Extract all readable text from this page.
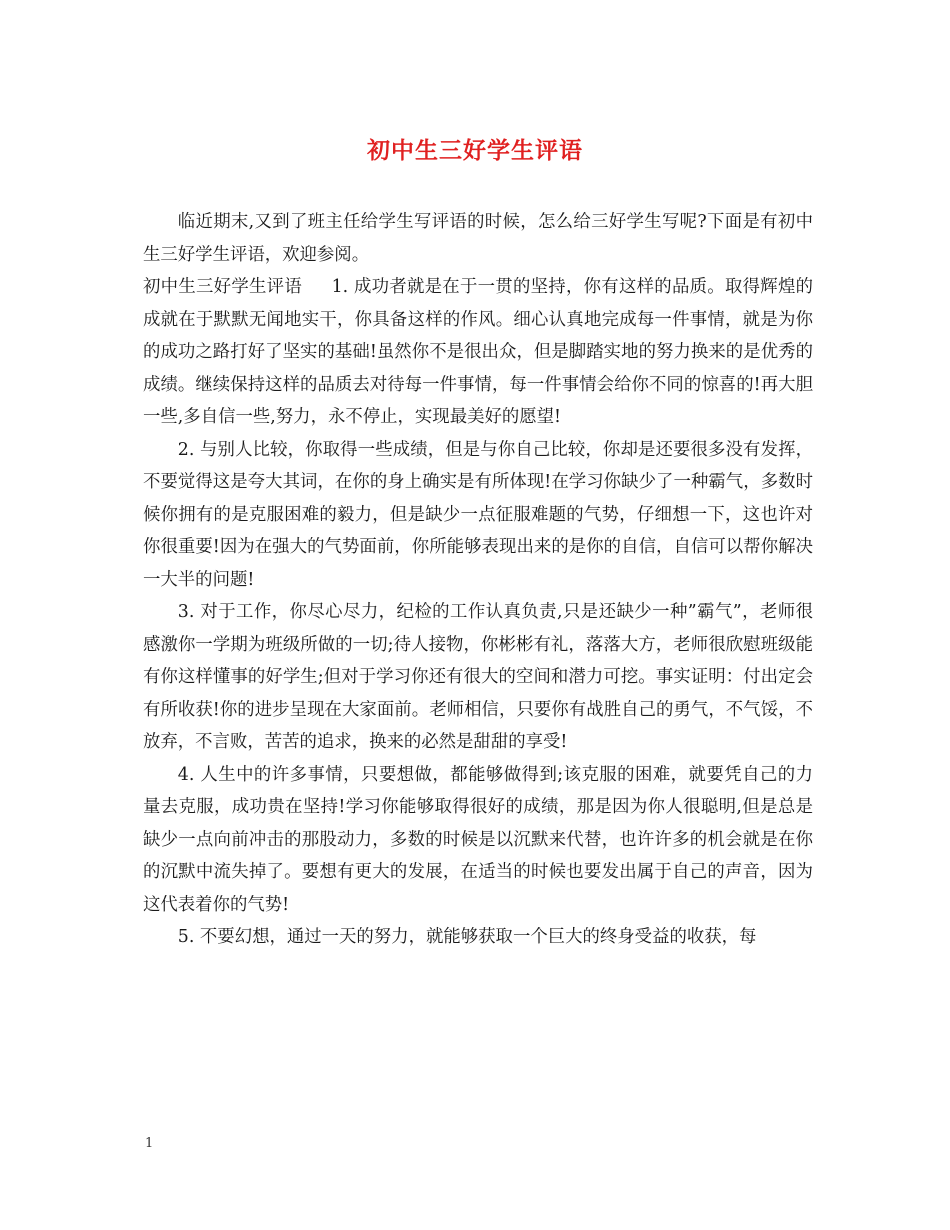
初中生三好学生评语

临近期末,又到了班主任给学生写评语的时候，怎么给三好学生写呢?下面是有初中生三好学生评语，欢迎参阅。

初中生三好学生评语 1. 成功者就是在于一贯的坚持，你有这样的品质。取得辉煌的成就在于默默无闻地实干，你具备这样的作风。细心认真地完成每一件事情，就是为你的成功之路打好了坚实的基础!虽然你不是很出众，但是脚踏实地的努力换来的是优秀的成绩。继续保持这样的品质去对待每一件事情，每一件事情会给你不同的惊喜的!再大胆一些,多自信一些,努力，永不停止，实现最美好的愿望!

2. 与别人比较，你取得一些成绩，但是与你自己比较，你却是还要很多没有发挥，不要觉得这是夸大其词，在你的身上确实是有所体现!在学习你缺少了一种霸气，多数时候你拥有的是克服困难的毅力，但是缺少一点征服难题的气势，仔细想一下，这也许对你很重要!因为在强大的气势面前，你所能够表现出来的是你的自信，自信可以帮你解决一大半的问题!

3. 对于工作，你尽心尽力，纪检的工作认真负责,只是还缺少一种”霸气”，老师很感激你一学期为班级所做的一切;待人接物，你彬彬有礼，落落大方，老师很欣慰班级能有你这样懂事的好学生;但对于学习你还有很大的空间和潜力可挖。事实证明：付出定会有所收获!你的进步呈现在大家面前。老师相信，只要你有战胜自己的勇气，不气馁，不放弃，不言败，苦苦的追求，换来的必然是甜甜的享受!

4. 人生中的许多事情，只要想做，都能够做得到;该克服的困难，就要凭自己的力量去克服，成功贵在坚持!学习你能够取得很好的成绩，那是因为你人很聪明,但是总是缺少一点向前冲击的那股动力，多数的时候是以沉默来代替，也许许多的机会就是在你的沉默中流失掉了。要想有更大的发展，在适当的时候也要发出属于自己的声音，因为这代表着你的气势!

5. 不要幻想，通过一天的努力，就能够获取一个巨大的终身受益的收获，每

1
